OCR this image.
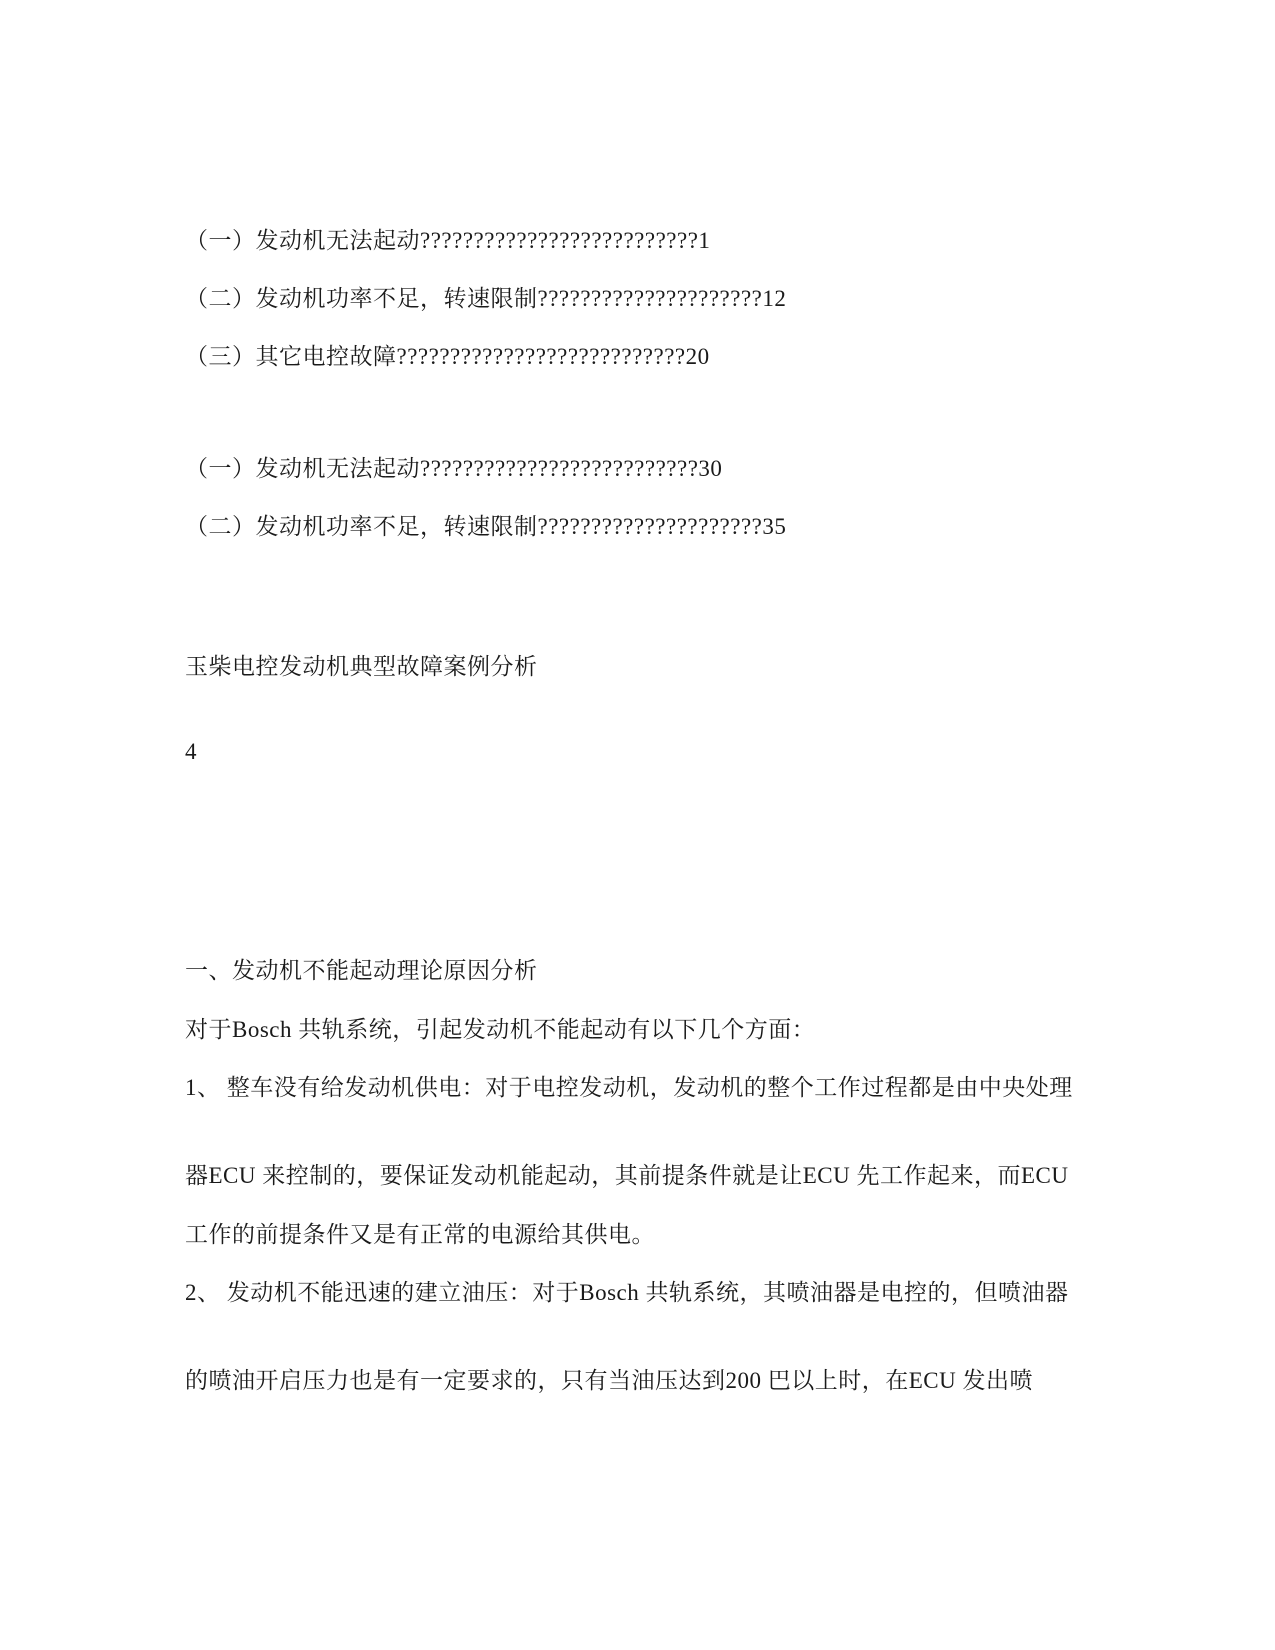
（一）发动机无法起动??????????????????????????1
（二）发动机功率不足，转速限制?????????????????????12
（三）其它电控故障???????????????????????????20
（一）发动机无法起动??????????????????????????30
（二）发动机功率不足，转速限制?????????????????????35
玉柴电控发动机典型故障案例分析
4
一、发动机不能起动理论原因分析
对于Bosch 共轨系统，引起发动机不能起动有以下几个方面：
1、 整车没有给发动机供电：对于电控发动机，发动机的整个工作过程都是由中央处理
器ECU 来控制的，要保证发动机能起动，其前提条件就是让ECU 先工作起来，而ECU
工作的前提条件又是有正常的电源给其供电。
2、 发动机不能迅速的建立油压：对于Bosch 共轨系统，其喷油器是电控的，但喷油器
的喷油开启压力也是有一定要求的，只有当油压达到200 巴以上时，在ECU 发出喷
